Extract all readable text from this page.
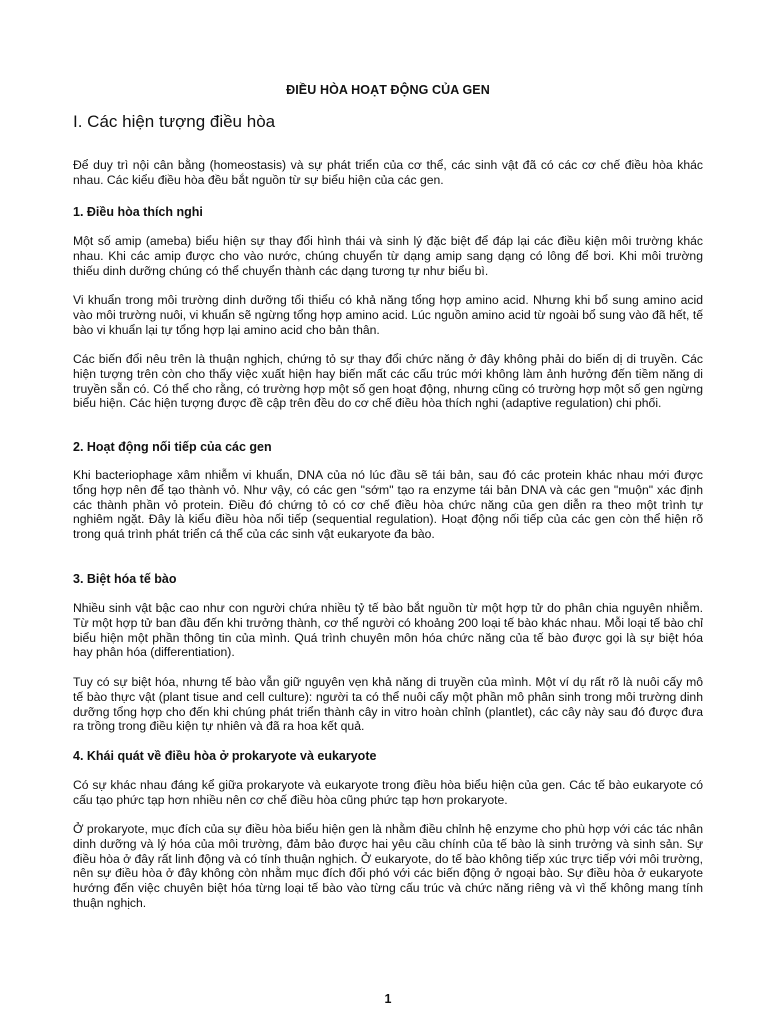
ĐIỀU HÒA HOẠT ĐỘNG CỦA GEN
I. Các hiện tượng điều hòa

Để duy trì nội cân bằng (homeostasis) và sự phát triển của cơ thể, các sinh vật đã có các cơ chế điều hòa khác nhau. Các kiểu điều hòa đều bắt nguồn từ sự biểu hiện của các gen.

1. Điều hòa thích nghi

Một số amip (ameba) biểu hiện sự thay đổi hình thái và sinh lý đặc biệt để đáp lại các điều kiện môi trường khác nhau. Khi các amip được cho vào nước, chúng chuyển từ dạng amip sang dạng có lông để bơi. Khi môi trường thiếu dinh dưỡng chúng có thể chuyển thành các dạng tương tự như biểu bì.

Vi khuẩn trong môi trường dinh dưỡng tối thiểu có khả năng tổng hợp amino acid. Nhưng khi bổ sung amino acid vào môi trường nuôi, vi khuẩn sẽ ngừng tổng hợp amino acid. Lúc nguồn amino acid từ ngoài bổ sung vào đã hết, tế bào vi khuẩn lại tự tổng hợp lại amino acid cho bản thân.

Các biến đổi nêu trên là thuận nghịch, chứng tỏ sự thay đổi chức năng ở đây không phải do biến dị di truyền. Các hiện tượng trên còn cho thấy việc xuất hiện hay biến mất các cấu trúc mới không làm ảnh hưởng đến tiềm năng di truyền sẵn có. Có thể cho rằng, có trường hợp một số gen hoạt động, nhưng cũng có trường hợp một số gen ngừng biểu hiện. Các hiện tượng được đề cập trên đều do cơ chế điều hòa thích nghi (adaptive regulation) chi phối.

2. Hoạt động nối tiếp của các gen

Khi bacteriophage xâm nhiễm vi khuẩn, DNA của nó lúc đầu sẽ tái bản, sau đó các protein khác nhau mới được tổng hợp nên để tạo thành vỏ. Như vậy, có các gen "sớm" tạo ra enzyme tái bản DNA và các gen "muộn" xác định các thành phần vỏ protein. Điều đó chứng tỏ có cơ chế điều hòa chức năng của gen diễn ra theo một trình tự nghiêm ngặt. Đây là kiểu điều hòa nối tiếp (sequential regulation). Hoạt động nối tiếp của các gen còn thể hiện rõ trong quá trình phát triển cá thể của các sinh vật eukaryote đa bào.

3. Biệt hóa tế bào

Nhiều sinh vật bậc cao như con người chứa nhiều tỷ tế bào bắt nguồn từ một hợp tử do phân chia nguyên nhiễm. Từ một hợp tử ban đầu đến khi trưởng thành, cơ thể người có khoảng 200 loại tế bào khác nhau. Mỗi loại tế bào chỉ biểu hiện một phần thông tin của mình. Quá trình chuyên môn hóa chức năng của tế bào được gọi là sự biệt hóa hay phân hóa (differentiation).

Tuy có sự biệt hóa, nhưng tế bào vẫn giữ nguyên vẹn khả năng di truyền của mình. Một ví dụ rất rõ là nuôi cấy mô tế bào thực vật (plant tisue and cell culture): người ta có thể nuôi cấy một phần mô phân sinh trong môi trường dinh dưỡng tổng hợp cho đến khi chúng phát triển thành cây in vitro hoàn chỉnh (plantlet), các cây này sau đó được đưa ra trồng trong điều kiện tự nhiên và đã ra hoa kết quả.

4. Khái quát về điều hòa ở prokaryote và eukaryote

Có sự khác nhau đáng kể giữa prokaryote và eukaryote trong điều hòa biểu hiện của gen. Các tế bào eukaryote có cấu tạo phức tạp hơn nhiều nên cơ chế điều hòa cũng phức tạp hơn prokaryote.

Ở prokaryote, mục đích của sự điều hòa biểu hiện gen là nhằm điều chỉnh hệ enzyme cho phù hợp với các tác nhân dinh dưỡng và lý hóa của môi trường, đảm bảo được hai yêu cầu chính của tế bào là sinh trưởng và sinh sản. Sự điều hòa ở đây rất linh động và có tính thuận nghịch. Ở eukaryote, do tế bào không tiếp xúc trực tiếp với môi trường, nên sự điều hòa ở đây không còn nhằm mục đích đối phó với các biến động ở ngoại bào. Sự điều hòa ở eukaryote hướng đến việc chuyên biệt hóa từng loại tế bào vào từng cấu trúc và chức năng riêng và vì thế không mang tính thuận nghịch.

1
